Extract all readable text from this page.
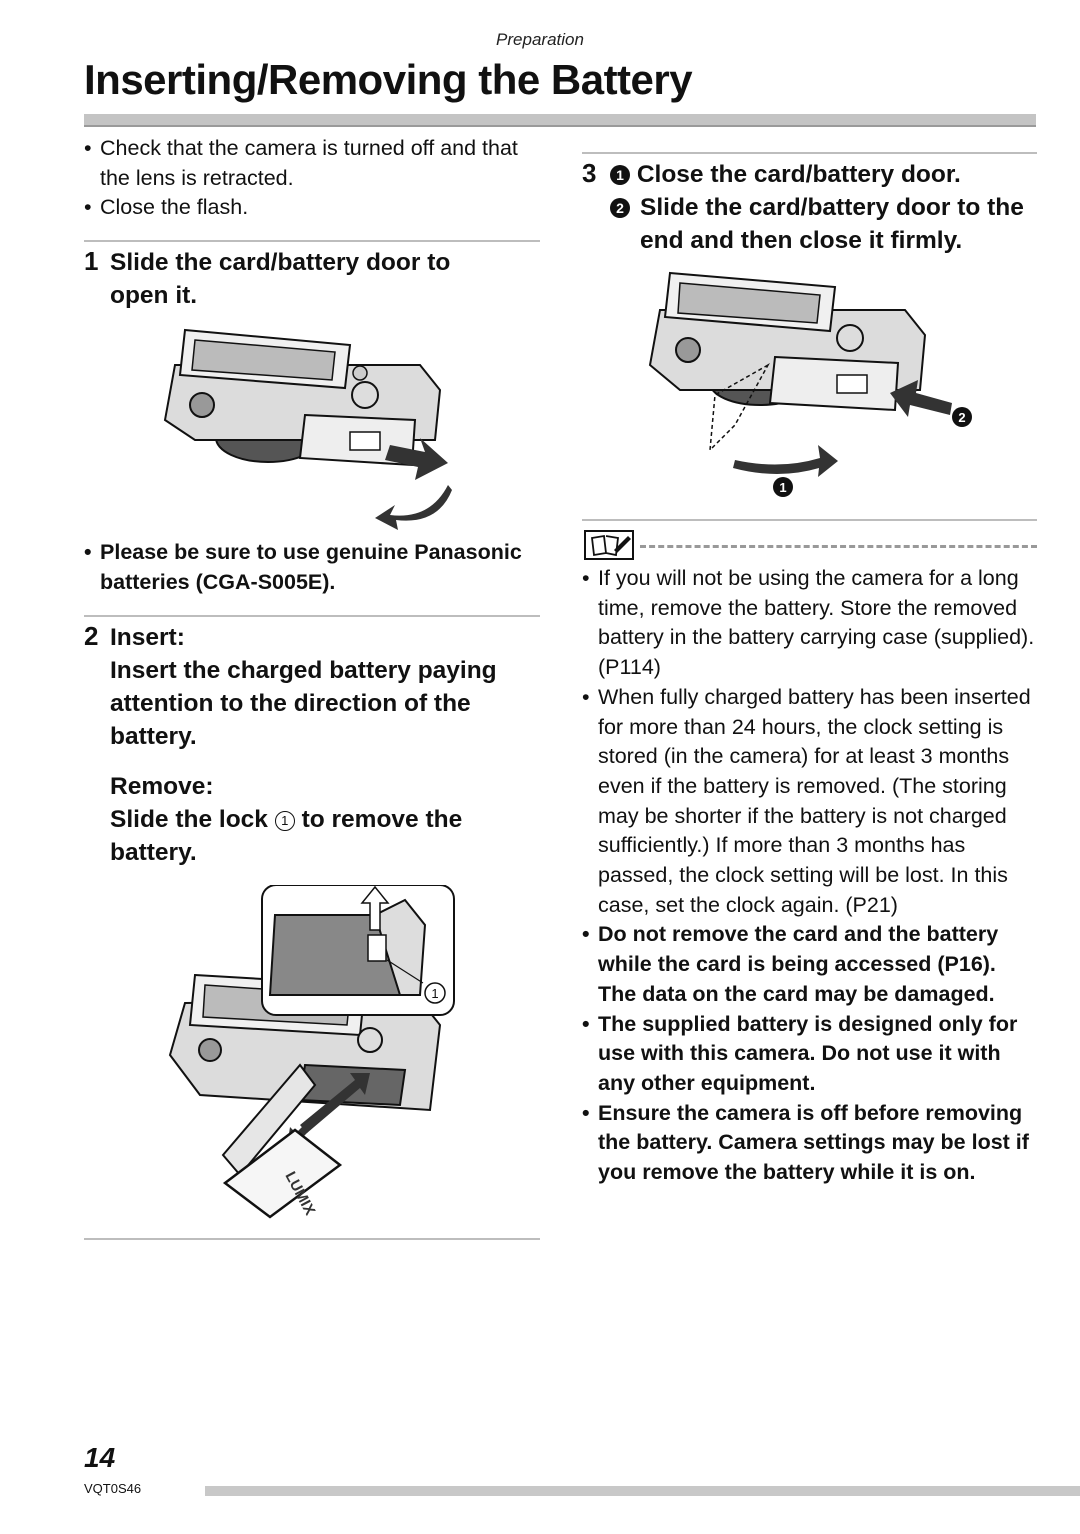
Preparation
Inserting/Removing the Battery
• Check that the camera is turned off and that the lens is retracted.
• Close the flash.
1 Slide the card/battery door to open it.
• Please be sure to use genuine Panasonic batteries (CGA-S005E).
2 Insert:
Insert the charged battery paying attention to the direction of the battery.
Remove:
Slide the lock 1 to remove the battery.
LUMIX
1
3	1 Close the card/battery door.
2 Slide the card/battery door to the end and then close it firmly.
2
1
• If you will not be using the camera for a long time, remove the battery. Store the removed battery in the battery carrying case (supplied). (P114)
• When fully charged battery has been inserted for more than 24 hours, the clock setting is stored (in the camera) for at least 3 months even if the battery is removed. (The storing may be shorter if the battery is not charged sufficiently.) If more than 3 months has passed, the clock setting will be lost. In this case, set the clock again. (P21)
• Do not remove the card and the battery while the card is being accessed (P16). The data on the card may be damaged.
• The supplied battery is designed only for use with this camera. Do not use it with any other equipment.
• Ensure the camera is off before removing the battery. Camera settings may be lost if you remove the battery while it is on.
14
VQT0S46
